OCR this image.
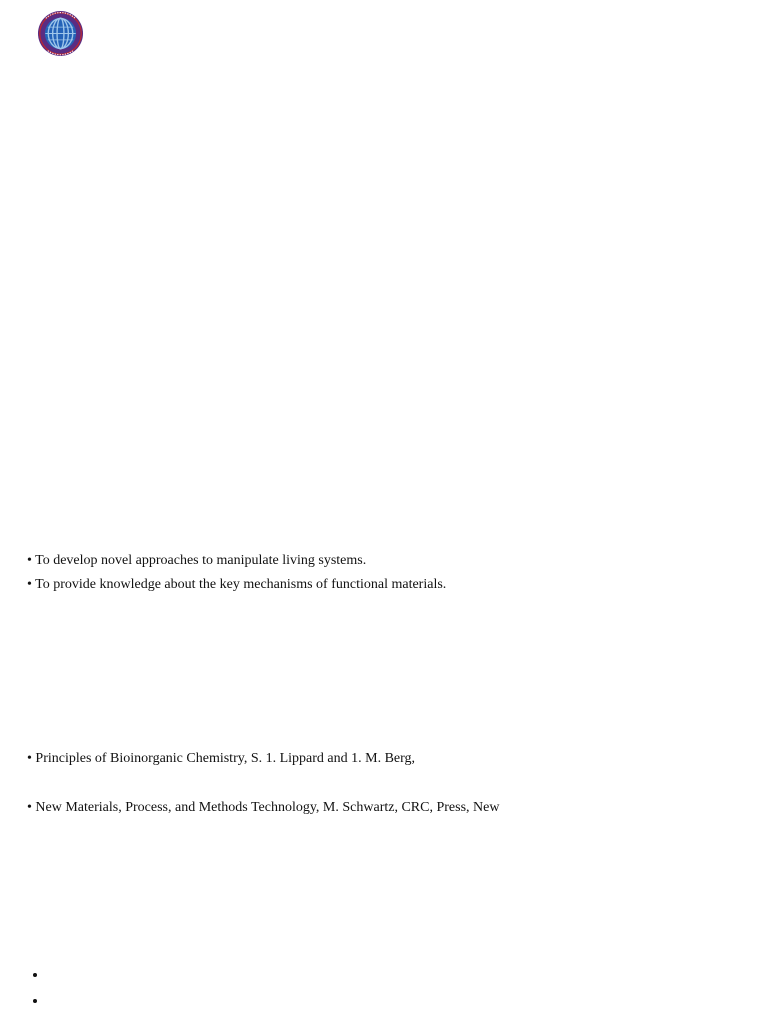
• To develop novel approaches to manipulate living systems.
• To provide knowledge about the key mechanisms of functional materials.
• Principles of Bioinorganic Chemistry, S. 1. Lippard and 1. M. Berg,
• New Materials, Process, and Methods Technology, M. Schwartz, CRC, Press, New
